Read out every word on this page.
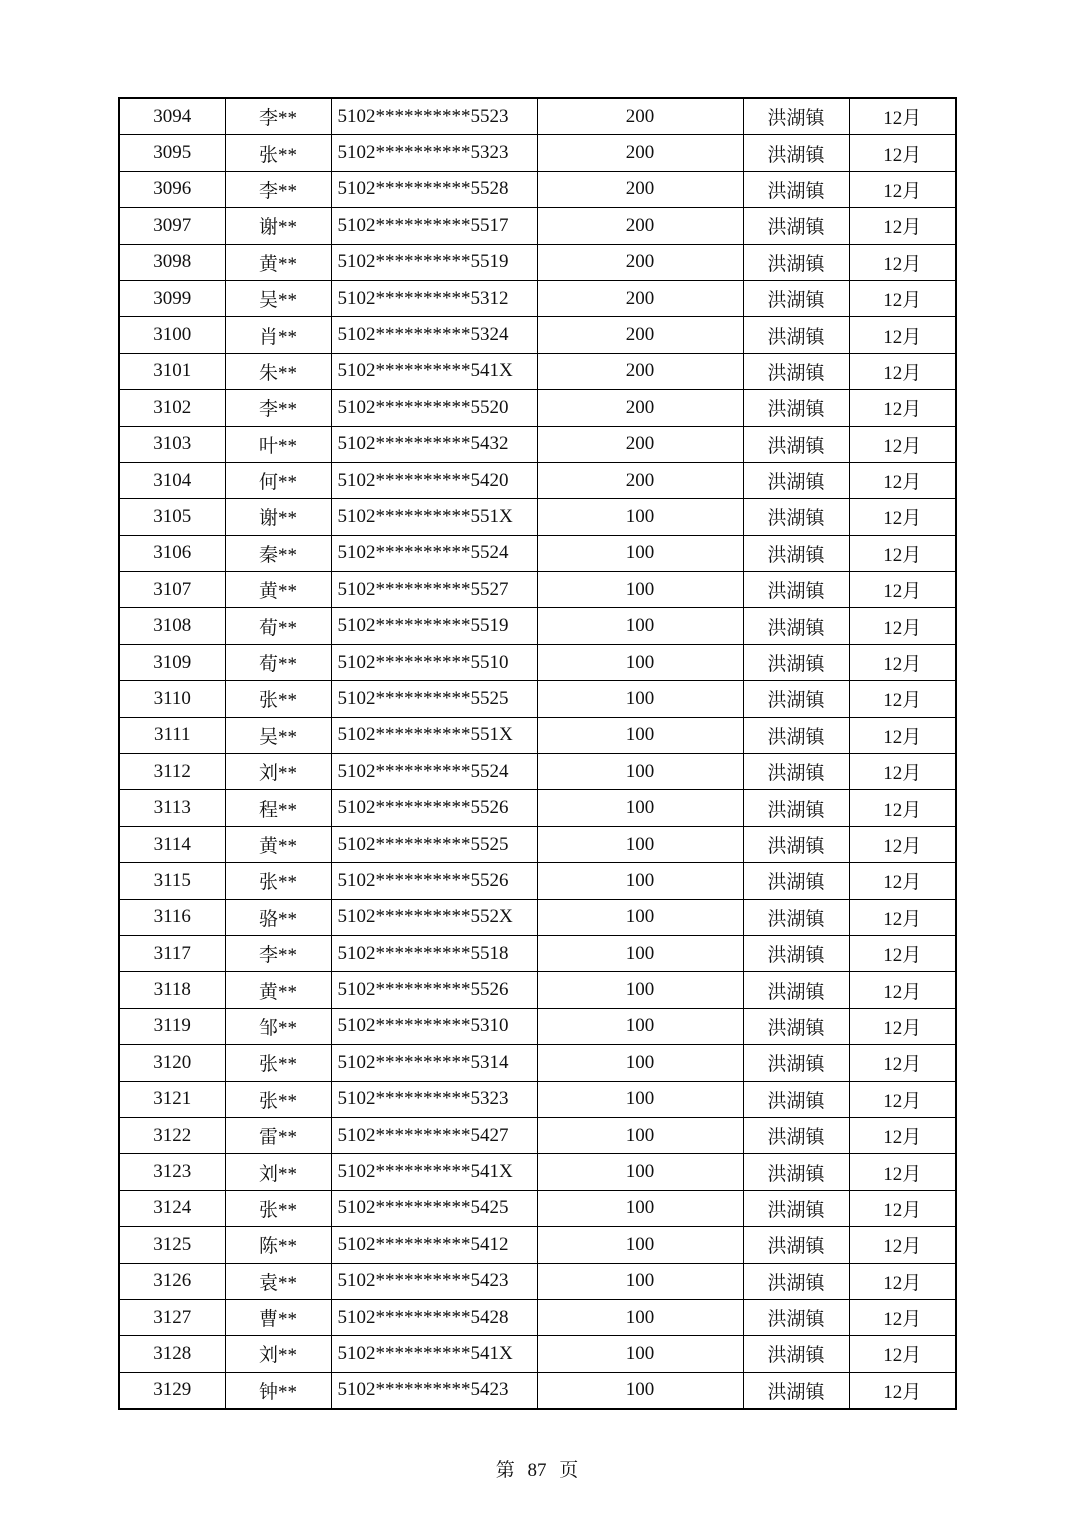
3094	李**	5102**********5523	200	洪湖镇	12月
3095	张**	5102**********5323	200	洪湖镇	12月
3096	李**	5102**********5528	200	洪湖镇	12月
3097	谢**	5102**********5517	200	洪湖镇	12月
3098	黄**	5102**********5519	200	洪湖镇	12月
3099	吴**	5102**********5312	200	洪湖镇	12月
3100	肖**	5102**********5324	200	洪湖镇	12月
3101	朱**	5102**********541X	200	洪湖镇	12月
3102	李**	5102**********5520	200	洪湖镇	12月
3103	叶**	5102**********5432	200	洪湖镇	12月
3104	何**	5102**********5420	200	洪湖镇	12月
3105	谢**	5102**********551X	100	洪湖镇	12月
3106	秦**	5102**********5524	100	洪湖镇	12月
3107	黄**	5102**********5527	100	洪湖镇	12月
3108	荀**	5102**********5519	100	洪湖镇	12月
3109	荀**	5102**********5510	100	洪湖镇	12月
3110	张**	5102**********5525	100	洪湖镇	12月
3111	吴**	5102**********551X	100	洪湖镇	12月
3112	刘**	5102**********5524	100	洪湖镇	12月
3113	程**	5102**********5526	100	洪湖镇	12月
3114	黄**	5102**********5525	100	洪湖镇	12月
3115	张**	5102**********5526	100	洪湖镇	12月
3116	骆**	5102**********552X	100	洪湖镇	12月
3117	李**	5102**********5518	100	洪湖镇	12月
3118	黄**	5102**********5526	100	洪湖镇	12月
3119	邹**	5102**********5310	100	洪湖镇	12月
3120	张**	5102**********5314	100	洪湖镇	12月
3121	张**	5102**********5323	100	洪湖镇	12月
3122	雷**	5102**********5427	100	洪湖镇	12月
3123	刘**	5102**********541X	100	洪湖镇	12月
3124	张**	5102**********5425	100	洪湖镇	12月
3125	陈**	5102**********5412	100	洪湖镇	12月
3126	袁**	5102**********5423	100	洪湖镇	12月
3127	曹**	5102**********5428	100	洪湖镇	12月
3128	刘**	5102**********541X	100	洪湖镇	12月
3129	钟**	5102**********5423	100	洪湖镇	12月
第 87 页
